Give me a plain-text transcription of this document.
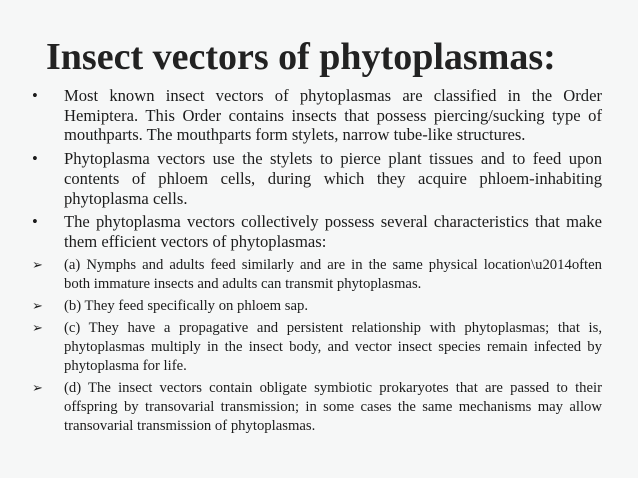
Insect vectors of phytoplasmas:
• Most known insect vectors of phytoplasmas are classified in the Order Hemiptera. This Order contains insects that possess piercing/sucking type of mouthparts. The mouthparts form stylets, narrow tube-like structures.
• Phytoplasma vectors use the stylets to pierce plant tissues and to feed upon contents of phloem cells, during which they acquire phloem-inhabiting phytoplasma cells.
• The phytoplasma vectors collectively possess several characteristics that make them efficient vectors of phytoplasmas:
➢ (a) Nymphs and adults feed similarly and are in the same physical location\u2014often both immature insects and adults can transmit phytoplasmas.
➢ (b) They feed specifically on phloem sap.
➢ (c) They have a propagative and persistent relationship with phytoplasmas; that is, phytoplasmas multiply in the insect body, and vector insect species remain infected by phytoplasma for life.
➢ (d) The insect vectors contain obligate symbiotic prokaryotes that are passed to their offspring by transovarial transmission; in some cases the same mechanisms may allow transovarial transmission of phytoplasmas.
